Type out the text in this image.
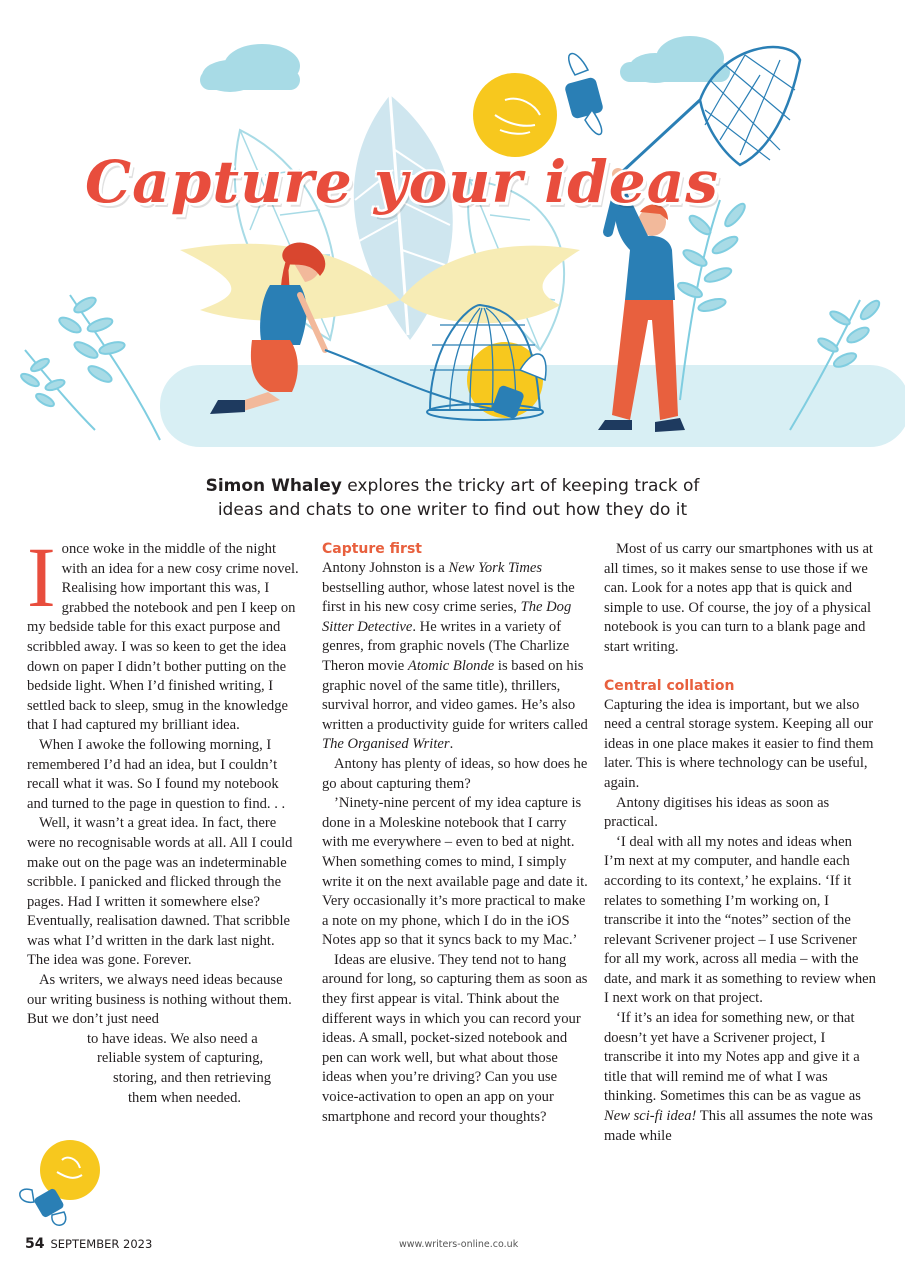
Capture your ideas
Simon Whaley explores the tricky art of keeping track of
ideas and chats to one writer to find out how they do it

Ionce woke in the middle of the night with an idea for a new cosy crime novel. Realising how important this was, I grabbed the notebook and pen I keep on my bedside table for this exact purpose and scribbled away. I was so keen to get the idea down on paper I didn’t bother putting on the bedside light. When I’d finished writing, I settled back to sleep, smug in the knowledge that I had captured my brilliant idea.

When I awoke the following morning, I remembered I’d had an idea, but I couldn’t recall what it was. So I found my notebook and turned to the page in question to find. . .

Well, it wasn’t a great idea. In fact, there were no recognisable words at all. All I could make out on the page was an indeterminable scribble. I panicked and flicked through the pages. Had I written it somewhere else? Eventually, realisation dawned. That scribble was what I’d written in the dark last night. The idea was gone. Forever.

As writers, we always need ideas because our writing business is nothing without them. But we don’t just need

to have ideas. We also need a
reliable system of capturing,
storing, and then retrieving
them when needed.

Capture first

Antony Johnston is a New York Times bestselling author, whose latest novel is the first in his new cosy crime series, The Dog Sitter Detective. He writes in a variety of genres, from graphic novels (The Charlize Theron movie Atomic Blonde is based on his graphic novel of the same title), thrillers, survival horror, and video games. He’s also written a productivity guide for writers called The Organised Writer.

Antony has plenty of ideas, so how does he go about capturing them?

’Ninety-nine percent of my idea capture is done in a Moleskine notebook that I carry with me everywhere – even to bed at night. When something comes to mind, I simply write it on the next available page and date it. Very occasionally it’s more practical to make a note on my phone, which I do in the iOS Notes app so that it syncs back to my Mac.’

Ideas are elusive. They tend not to hang around for long, so capturing them as soon as they first appear is vital. Think about the different ways in which you can record your ideas. A small, pocket-sized notebook and pen can work well, but what about those ideas when you’re driving? Can you use voice-activation to open an app on your smartphone and record your thoughts?

Most of us carry our smartphones with us at all times, so it makes sense to use those if we can. Look for a notes app that is quick and simple to use. Of course, the joy of a physical notebook is you can turn to a blank page and start writing.

Central collation

Capturing the idea is important, but we also need a central storage system. Keeping all our ideas in one place makes it easier to find them later. This is where technology can be useful, again.

Antony digitises his ideas as soon as practical.

‘I deal with all my notes and ideas when I’m next at my computer, and handle each according to its context,’ he explains. ‘If it relates to something I’m working on, I transcribe it into the “notes” section of the relevant Scrivener project – I use Scrivener for all my work, across all media – with the date, and mark it as something to review when I next work on that project.

‘If it’s an idea for something new, or that doesn’t yet have a Scrivener project, I transcribe it into my Notes app and give it a title that will remind me of what I was thinking. Sometimes this can be as vague as New sci-fi idea! This all assumes the note was made while

54 SEPTEMBER 2023	www.writers-online.co.uk
